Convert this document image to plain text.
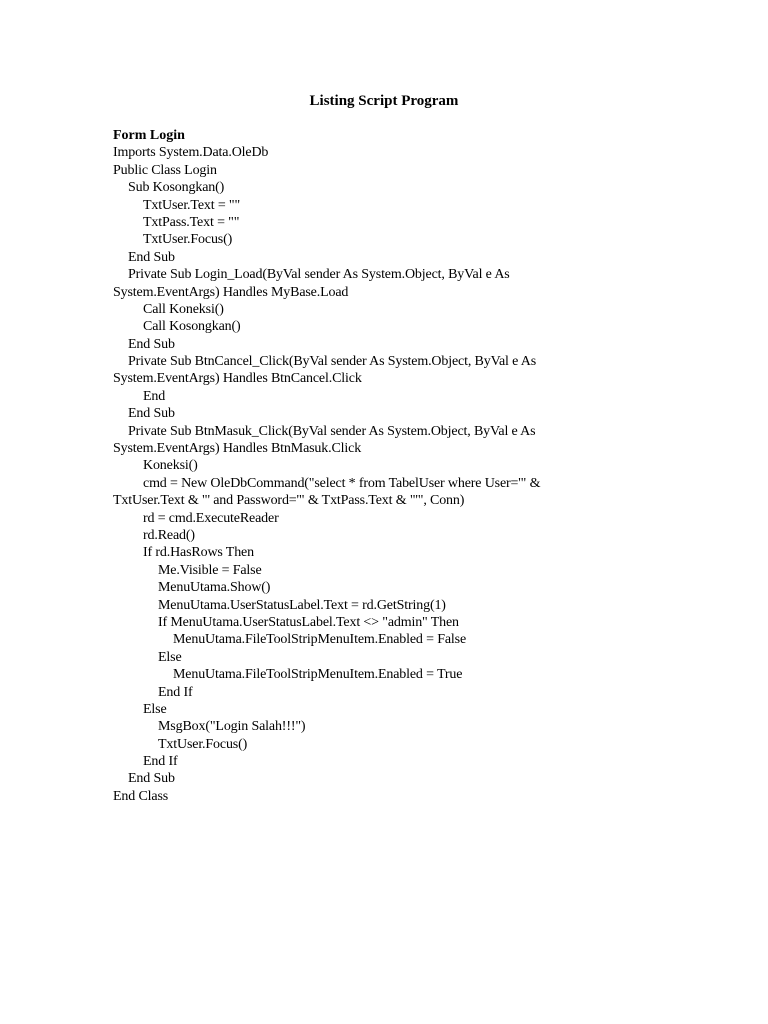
Listing Script Program
Form Login
Imports System.Data.OleDb
Public Class Login
Sub Kosongkan()
TxtUser.Text = ""
TxtPass.Text = ""
TxtUser.Focus()
End Sub
Private Sub Login_Load(ByVal sender As System.Object, ByVal e As
System.EventArgs) Handles MyBase.Load
Call Koneksi()
Call Kosongkan()
End Sub
Private Sub BtnCancel_Click(ByVal sender As System.Object, ByVal e As
System.EventArgs) Handles BtnCancel.Click
End
End Sub
Private Sub BtnMasuk_Click(ByVal sender As System.Object, ByVal e As
System.EventArgs) Handles BtnMasuk.Click
Koneksi()
cmd = New OleDbCommand("select * from TabelUser where User='" &
TxtUser.Text & "' and Password='" & TxtPass.Text & "'", Conn)
rd = cmd.ExecuteReader
rd.Read()
If rd.HasRows Then
Me.Visible = False
MenuUtama.Show()
MenuUtama.UserStatusLabel.Text = rd.GetString(1)
If MenuUtama.UserStatusLabel.Text <> "admin" Then
MenuUtama.FileToolStripMenuItem.Enabled = False
Else
MenuUtama.FileToolStripMenuItem.Enabled = True
End If
Else
MsgBox("Login Salah!!!")
TxtUser.Focus()
End If
End Sub
End Class
